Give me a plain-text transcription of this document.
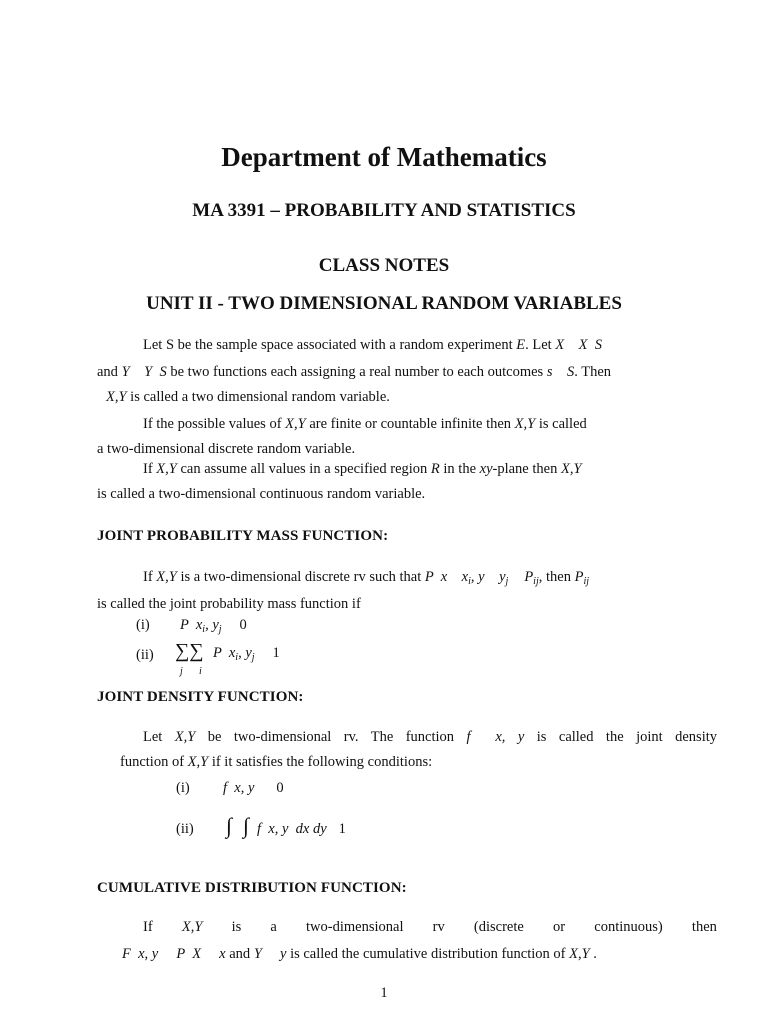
Department of Mathematics
MA 3391 – PROBABILITY AND STATISTICS
CLASS NOTES
UNIT II - TWO DIMENSIONAL RANDOM VARIABLES
Let S be the sample space associated with a random experiment E. Let X    X  S
and Y    Y  S be two functions each assigning a real number to each outcomes s    S. Then
X,Y is called a two dimensional random variable.
If the possible values of X,Y are finite or countable infinite then X,Y is called
a two-dimensional discrete random variable.
If X,Y can assume all values in a specified region R in the xy-plane then X,Y
is called a two-dimensional continuous random variable.
JOINT PROBABILITY MASS FUNCTION:
If X,Y is a two-dimensional discrete rv such that P  x    $x_i$, y    $y_j$ $P_{ij}$, then $P_{ij}$
is called the joint probability mass function if
(i) P  $x_i$, $y_j$ 0
(ii) ∑∑
j i
P  $x_i$, $y_j$ 1
JOINT DENSITY FUNCTION:
Let X,Y be two-dimensional rv. The function f  x, y is called the joint density
function of X,Y if it satisfies the following conditions:
(i) f  x, y 0
(ii) ∫  ∫ f  x, y  dx dy 1
CUMULATIVE DISTRIBUTION FUNCTION:
If X,Y is a two-dimensional rv (discrete or continuous) then
F  x, y     P  X     x and Y     y is called the cumulative distribution function of X,Y .
1
